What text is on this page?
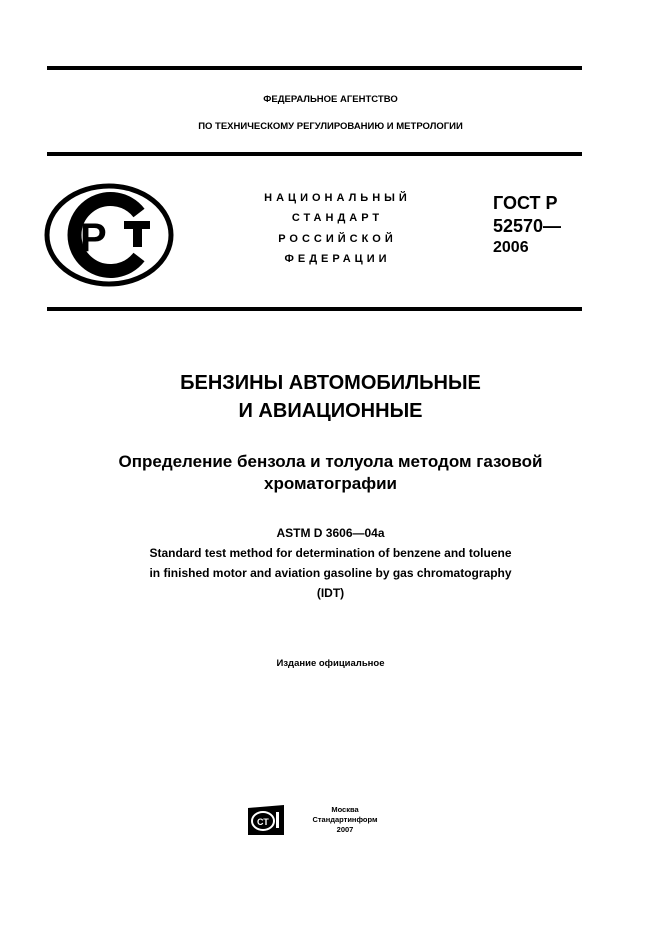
ФЕДЕРАЛЬНОЕ АГЕНТСТВО
ПО ТЕХНИЧЕСКОМУ РЕГУЛИРОВАНИЮ И МЕТРОЛОГИИ
P
НАЦИОНАЛЬНЫЙ
СТАНДАРТ
РОССИЙСКОЙ
ФЕДЕРАЦИИ
ГОСТ Р
52570—
2006
БЕНЗИНЫ АВТОМОБИЛЬНЫЕ
И АВИАЦИОННЫЕ
Определение бензола и толуола методом газовой
хроматографии
ASTM D 3606—04a
Standard test method for determination of benzene and toluene
in finished motor and aviation gasoline by gas chromatography
(IDT)
Издание официальное
СТ
Москва
Стандартинформ
2007
